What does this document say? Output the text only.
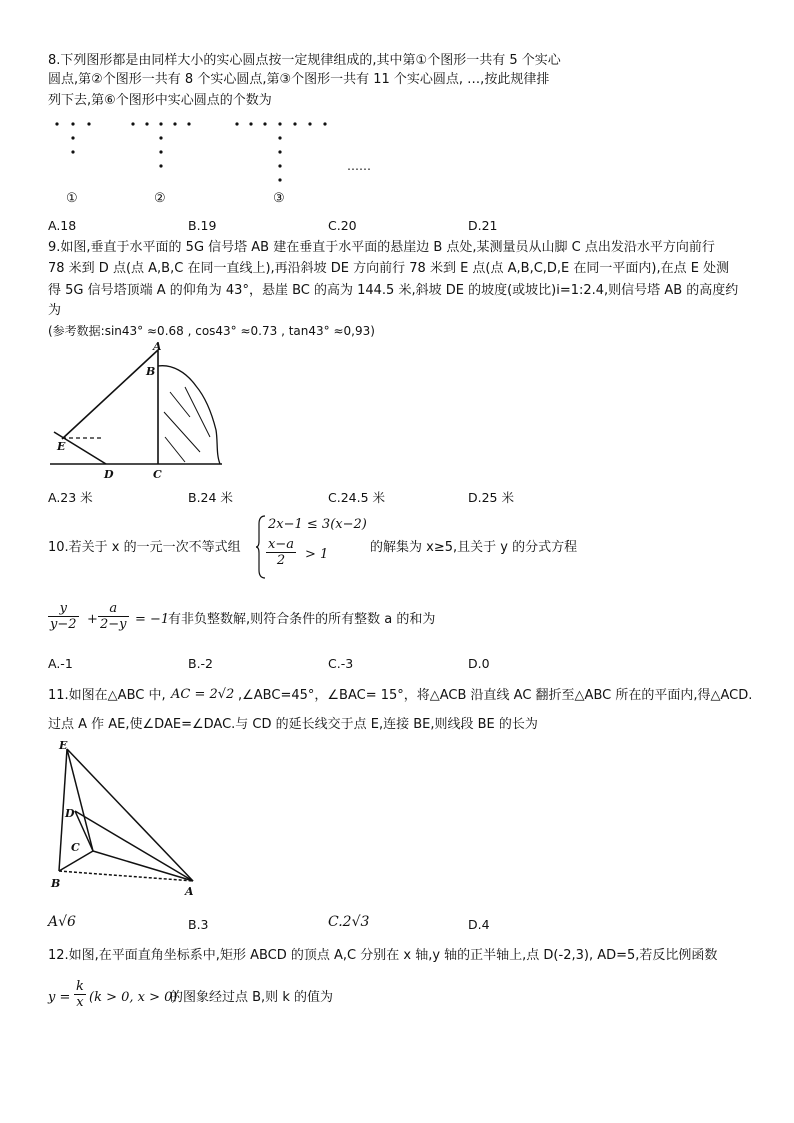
8.下列图形都是由同样大小的实心圆点按一定规律组成的,其中第①个图形一共有 5 个实心
圆点,第②个图形一共有 8 个实心圆点,第③个图形一共有 11 个实心圆点, …,按此规律排
列下去,第⑥个图形中实心圆点的个数为
……
①	②	③
A.18	B.19	C.20	D.21
9.如图,垂直于水平面的 5G 信号塔 AB 建在垂直于水平面的悬崖边 B 点处,某测量员从山脚 C 点出发沿水平方向前行
78 米到 D 点(点 A,B,C 在同一直线上),再沿斜坡 DE 方向前行 78 米到 E 点(点 A,B,C,D,E 在同一平面内),在点 E 处测
得 5G 信号塔顶端 A 的仰角为 43°，悬崖 BC 的高为 144.5 米,斜坡 DE 的坡度(或坡比)i=1:2.4,则信号塔 AB 的高度约
为
(参考数据:sin43° ≈0.68 , cos43° ≈0.73 , tan43° ≈0,93)
A
B
E
D	C
A.23 米	B.24 米	C.24.5 米	D.25 米
10.若关于 x 的一元一次不等式组
2x−1 ≤ 3(x−2)
$\frac{x-a}{2} > 1$	的解集为 x≥5,且关于 y 的分式方程
$\frac{y}{y-2} + \frac{a}{2-y} = -1$
有非负整数解,则符合条件的所有整数 a 的和为
A.-1	B.-2	C.-3	D.0
11.如图在△ABC 中, AC = 2√2 ,∠ABC=45°，∠BAC= 15°，将△ACB 沿直线 AC 翻折至△ABC 所在的平面内,得△ACD.
过点 A 作 AE,使∠DAE=∠DAC.与 CD 的延长线交于点 E,连接 BE,则线段 BE 的长为
E
D
C
B
A
A√6	B.3	C.2√3	D.4
12.如图,在平面直角坐标系中,矩形 ABCD 的顶点 A,C 分别在 x 轴,y 轴的正半轴上,点 D(-2,3), AD=5,若反比例函数
$y = \frac{k}{x} (k > 0$, x > 0)
的图象经过点 B,则 k 的值为
